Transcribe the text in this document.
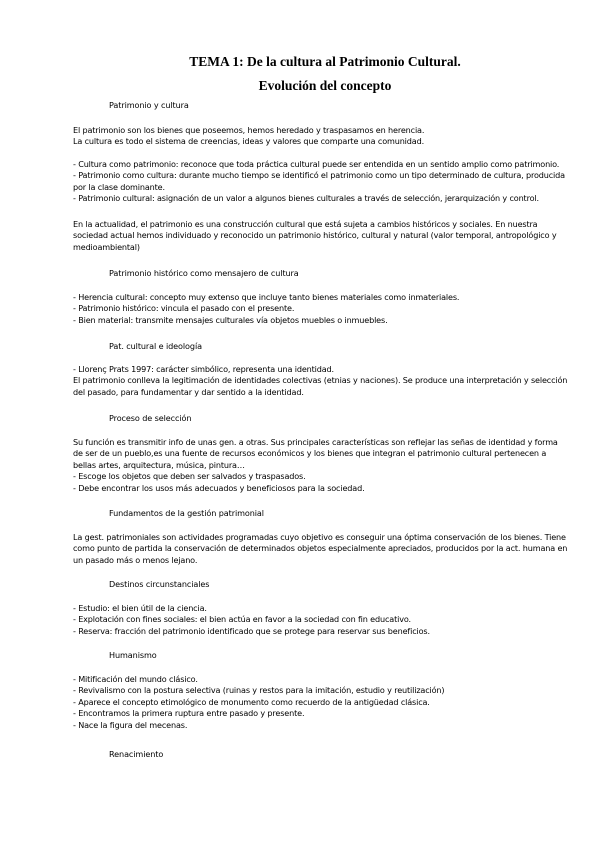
TEMA 1: De la cultura al Patrimonio Cultural.
Evolución del concepto
Patrimonio y cultura
El patrimonio son los bienes que poseemos, hemos heredado y traspasamos en herencia.
La cultura es todo el sistema de creencias, ideas y valores que comparte una comunidad.
- Cultura como patrimonio: reconoce que toda práctica cultural puede ser entendida en un sentido amplio como patrimonio.
- Patrimonio como cultura: durante mucho tiempo se identificó el patrimonio como un tipo determinado de cultura, producida
por la clase dominante.
- Patrimonio cultural: asignación de un valor a algunos bienes culturales a través de selección, jerarquización y control.
En la actualidad, el patrimonio es una construcción cultural que está sujeta a cambios históricos y sociales. En nuestra
sociedad actual hemos individuado y reconocido un patrimonio histórico, cultural y natural (valor temporal, antropológico y
medioambiental)
Patrimonio histórico como mensajero de cultura
- Herencia cultural: concepto muy extenso que incluye tanto bienes materiales como inmateriales.
- Patrimonio histórico: vincula el pasado con el presente.
- Bien material: transmite mensajes culturales vía objetos muebles o inmuebles.
Pat. cultural e ideología
- Llorenç Prats 1997: carácter simbólico, representa una identidad.
El patrimonio conlleva la legitimación de identidades colectivas (etnias y naciones). Se produce una interpretación y selección
del pasado, para fundamentar y dar sentido a la identidad.
Proceso de selección
Su función es transmitir info de unas gen. a otras. Sus principales características son reflejar las señas de identidad y forma
de ser de un pueblo,es una fuente de recursos económicos y los bienes que integran el patrimonio cultural pertenecen a
bellas artes, arquitectura, música, pintura…
- Escoge los objetos que deben ser salvados y traspasados.
- Debe encontrar los usos más adecuados y beneficiosos para la sociedad.
Fundamentos de la gestión patrimonial
La gest. patrimoniales son actividades programadas cuyo objetivo es conseguir una óptima conservación de los bienes. Tiene
como punto de partida la conservación de determinados objetos especialmente apreciados, producidos por la act. humana en
un pasado más o menos lejano.
Destinos circunstanciales
- Estudio: el bien útil de la ciencia.
- Explotación con fines sociales: el bien actúa en favor a la sociedad con fin educativo.
- Reserva: fracción del patrimonio identificado que se protege para reservar sus beneficios.
Humanismo
- Mitificación del mundo clásico.
- Revivalismo con la postura selectiva (ruinas y restos para la imitación, estudio y reutilización)
- Aparece el concepto etimológico de monumento como recuerdo de la antigüedad clásica.
- Encontramos la primera ruptura entre pasado y presente.
- Nace la figura del mecenas.
Renacimiento
